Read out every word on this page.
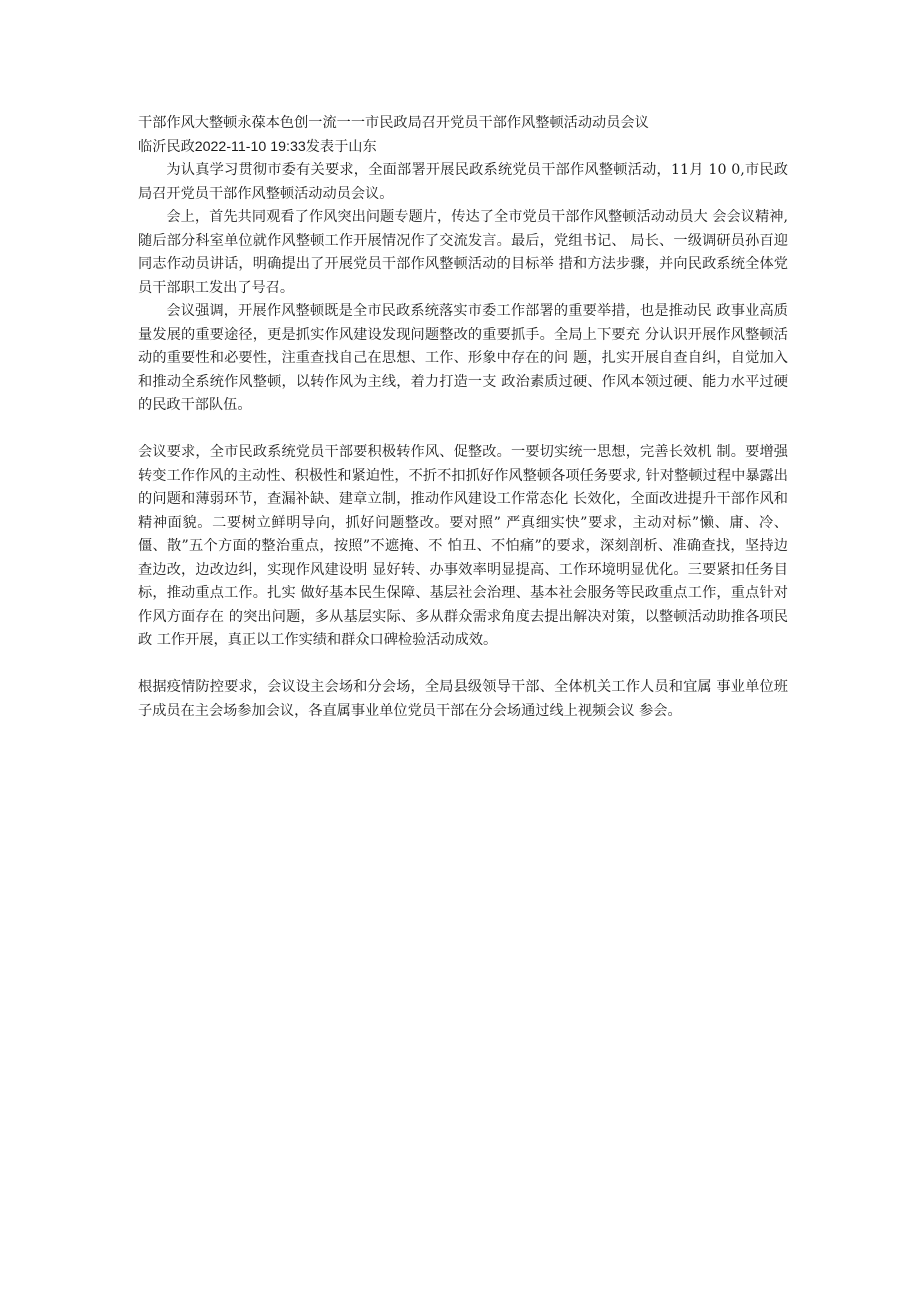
干部作风大整顿永葆本色创一流一一市民政局召开党员干部作风整顿活动动员会议

临沂民政2022-11-10 19:33发表于山东

为认真学习贯彻市委有关要求，全面部署开展民政系统党员干部作风整顿活动，11月 10 0,市民政局召开党员干部作风整顿活动动员会议。

会上，首先共同观看了作风突出问题专题片，传达了全市党员干部作风整顿活动动员大 会会议精神,随后部分科室单位就作风整顿工作开展情况作了交流发言。最后，党组书记、 局长、一级调研员孙百迎同志作动员讲话，明确提出了开展党员干部作风整顿活动的目标举 措和方法步骤，并向民政系统全体党员干部职工发出了号召。

会议强调，开展作风整顿既是全市民政系统落实市委工作部署的重要举措，也是推动民 政事业高质量发展的重要途径，更是抓实作风建设发现问题整改的重要抓手。全局上下要充 分认识开展作风整顿活动的重要性和必要性，注重查找自己在思想、工作、形象中存在的问 题，扎实开展自查自纠，自觉加入和推动全系统作风整顿，以转作风为主线，着力打造一支 政治素质过硬、作风本领过硬、能力水平过硬的民政干部队伍。

会议要求，全市民政系统党员干部要积极转作风、促整改。一要切实统一思想，完善长效机 制。要增强转变工作作风的主动性、积极性和紧迫性，不折不扣抓好作风整顿各项任务要求, 针对整顿过程中暴露出的问题和薄弱环节，查漏补缺、建章立制，推动作风建设工作常态化 长效化，全面改进提升干部作风和精神面貌。二要树立鲜明导向，抓好问题整改。要对照” 严真细实快”要求，主动对标”懒、庸、冷、僵、散”五个方面的整治重点，按照”不遮掩、不 怕丑、不怕痛”的要求，深刻剖析、准确查找，坚持边查边改，边改边纠，实现作风建设明 显好转、办事效率明显提高、工作环境明显优化。三要紧扣任务目标，推动重点工作。扎实 做好基本民生保障、基层社会治理、基本社会服务等民政重点工作，重点针对作风方面存在 的突出问题，多从基层实际、多从群众需求角度去提出解决对策，以整顿活动助推各项民政 工作开展，真正以工作实绩和群众口碑检验活动成效。

根据疫情防控要求，会议设主会场和分会场，全局县级领导干部、全体机关工作人员和宜属 事业单位班子成员在主会场参加会议，各直属事业单位党员干部在分会场通过线上视频会议 参会。
